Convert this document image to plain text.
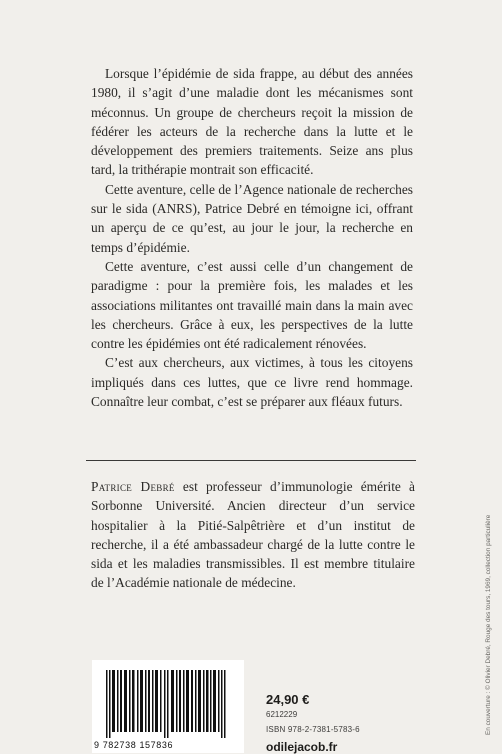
Lorsque l’épidémie de sida frappe, au début des années 1980, il s’agit d’une maladie dont les mécanismes sont méconnus. Un groupe de chercheurs reçoit la mission de fédérer les acteurs de la recherche dans la lutte et le développement des premiers traitements. Seize ans plus tard, la trithérapie montrait son efficacité.

Cette aventure, celle de l’Agence nationale de recherches sur le sida (ANRS), Patrice Debré en témoigne ici, offrant un aperçu de ce qu’est, au jour le jour, la recherche en temps d’épidémie.

Cette aventure, c’est aussi celle d’un changement de paradigme : pour la première fois, les malades et les associations militantes ont travaillé main dans la main avec les chercheurs. Grâce à eux, les perspectives de la lutte contre les épidémies ont été radicalement rénovées.

C’est aux chercheurs, aux victimes, à tous les citoyens impliqués dans ces luttes, que ce livre rend hommage. Connaître leur combat, c’est se préparer aux fléaux futurs.

Patrice Debré est professeur d’immunologie émérite à Sorbonne Université. Ancien directeur d’un service hospitalier à la Pitié-Salpêtrière et d’un institut de recherche, il a été ambassadeur chargé de la lutte contre le sida et les maladies transmissibles. Il est membre titulaire de l’Académie nationale de médecine.	En couverture : © Olivier Debré, Rouge des tours, 1969, collection particulière
9 782738 157836
24,90 €
6212229
ISBN 978-2-7381-5783-6
odilejacob.fr
